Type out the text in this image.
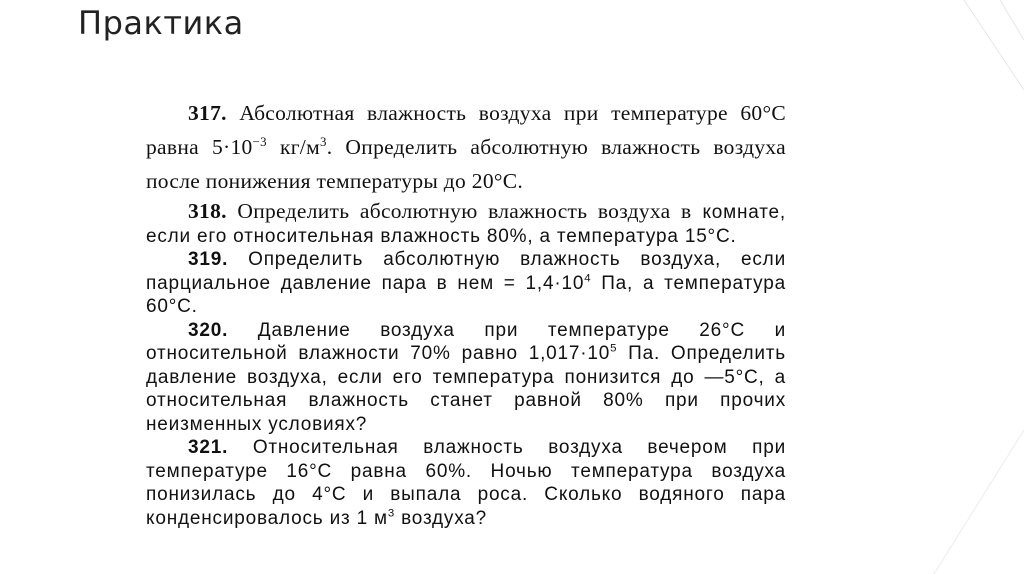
Практика

317. Абсолютная влажность воздуха при температуре 60°С равна $5\cdot 10^{-3}$ $кг/м^3$. Определить абсолютную влажность воздуха после понижения температуры до 20°С.

318. Определить абсолютную влажность воздуха в комнате, если его относительная влажность 80%, а температура 15°С.

319. Определить абсолютную влажность воздуха, если парциальное давление пара в нем = $1,4\cdot 10^4$ Па, а температура 60°С.

320. Давление воздуха при температуре 26°С и относительной влажности 70% равно $1,017\cdot 10^5$ Па. Определить давление воздуха, если его температура понизится до —5°С, а относительная влажность станет равной 80% при прочих неизменных условиях?

321. Относительная влажность воздуха вечером при температуре 16°С равна 60%. Ночью температура воздуха понизилась до 4°С и выпала роса. Сколько водяного пара конденсировалось из 1 $м^3$ воздуха?
